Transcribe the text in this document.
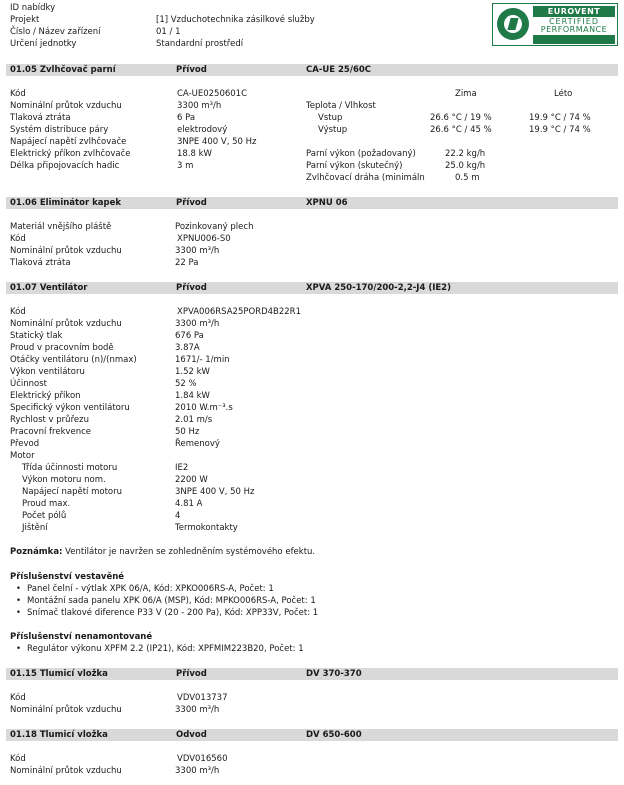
ID nabídky
Projekt	[1] Vzduchotechnika zásilkové služby
Číslo / Název zařízení	01 / 1
Určení jednotky	Standardní prostředí
EUROVENT
CERTIFIED
PERFORMANCE
01.05 Zvlhčovač parní	Přívod	CA-UE 25/60C
Kód	CA-UE0250601C
Nominální průtok vzduchu	3300 m³/h
Tlaková ztráta	6 Pa
Systém distribuce páry	elektrodový
Napájecí napětí zvlhčovače	3NPE 400 V, 50 Hz
Elektrický příkon zvlhčovače	18.8 kW
Délka připojovacích hadic	3 m
Teplota / Vlhkost
Zima	Léto
Vstup	26.6 °C / 19 %	19.9 °C / 74 %
Výstup	26.6 °C / 45 %	19.9 °C / 74 %
Parní výkon (požadovaný)	22.2 kg/h
Parní výkon (skutečný)	25.0 kg/h
Zvlhčovací dráha (minimáln	0.5 m
01.06 Eliminátor kapek	Přívod	XPNU 06
Materiál vnějšího pláště	Pozinkovaný plech
Kód	XPNU006-S0
Nominální průtok vzduchu	3300 m³/h
Tlaková ztráta	22 Pa
01.07 Ventilátor	Přívod	XPVA 250-170/200-2,2-J4 (IE2)
Kód	XPVA006RSA25PORD4B22R1
Nominální průtok vzduchu	3300 m³/h
Statický tlak	676 Pa
Proud v pracovním bodě	3.87A
Otáčky ventilátoru (n)/(nmax)	1671/- 1/min
Výkon ventilátoru	1.52 kW
Účinnost	52 %
Elektrický příkon	1.84 kW
Specifický výkon ventilátoru	2010 W.m⁻³.s
Rychlost v průřezu	2.01 m/s
Pracovní frekvence	50 Hz
Převod	Řemenový
Motor
Třída účinnosti motoru	IE2
Výkon motoru nom.	2200 W
Napájecí napětí motoru	3NPE 400 V, 50 Hz
Proud max.	4.81 A
Počet pólů	4
Jištění	Termokontakty
Poznámka: Ventilátor je navržen se zohledněním systémového efektu.
Příslušenství vestavěné
• Panel čelní - výtlak XPK 06/A, Kód: XPKO006RS-A, Počet: 1
• Montážní sada panelu XPK 06/A (MSP), Kód: MPKO006RS-A, Počet: 1
• Snímač tlakové diference P33 V (20 - 200 Pa), Kód: XPP33V, Počet: 1
Příslušenství nenamontované
• Regulátor výkonu XPFM 2.2 (IP21), Kód: XPFMIM223B20, Počet: 1
01.15 Tlumicí vložka	Přívod	DV 370-370
Kód	VDV013737
Nominální průtok vzduchu	3300 m³/h
01.18 Tlumicí vložka	Odvod	DV 650-600
Kód	VDV016560
Nominální průtok vzduchu	3300 m³/h
